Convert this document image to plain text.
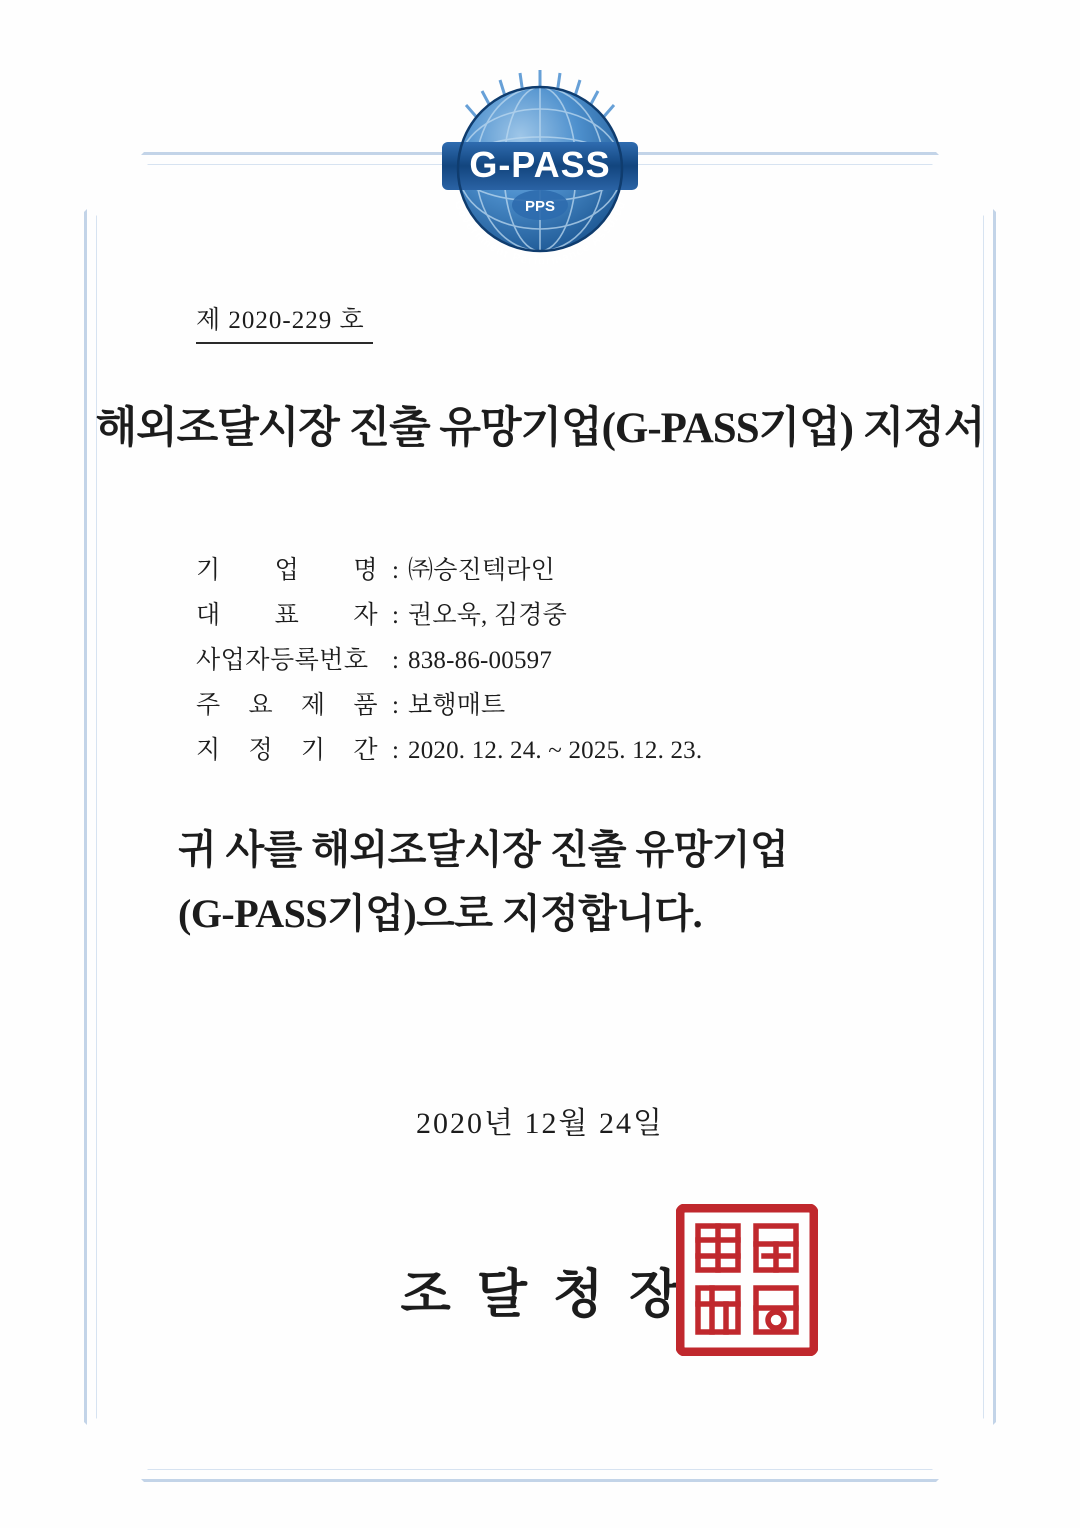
G-PASS
PPS
Government Performance Assured
제 2020-229 호
해외조달시장 진출 유망기업(G-PASS기업) 지정서
기 업 명 : ㈜승진텍라인
대 표 자 : 권오욱, 김경중
사업자등록번호 : 838-86-00597
주 요 제 품 : 보행매트
지 정 기 간 : 2020. 12. 24. ~ 2025. 12. 23.
귀 사를 해외조달시장 진출 유망기업
(G-PASS기업)으로 지정합니다.
2020년 12월 24일
조달청장
